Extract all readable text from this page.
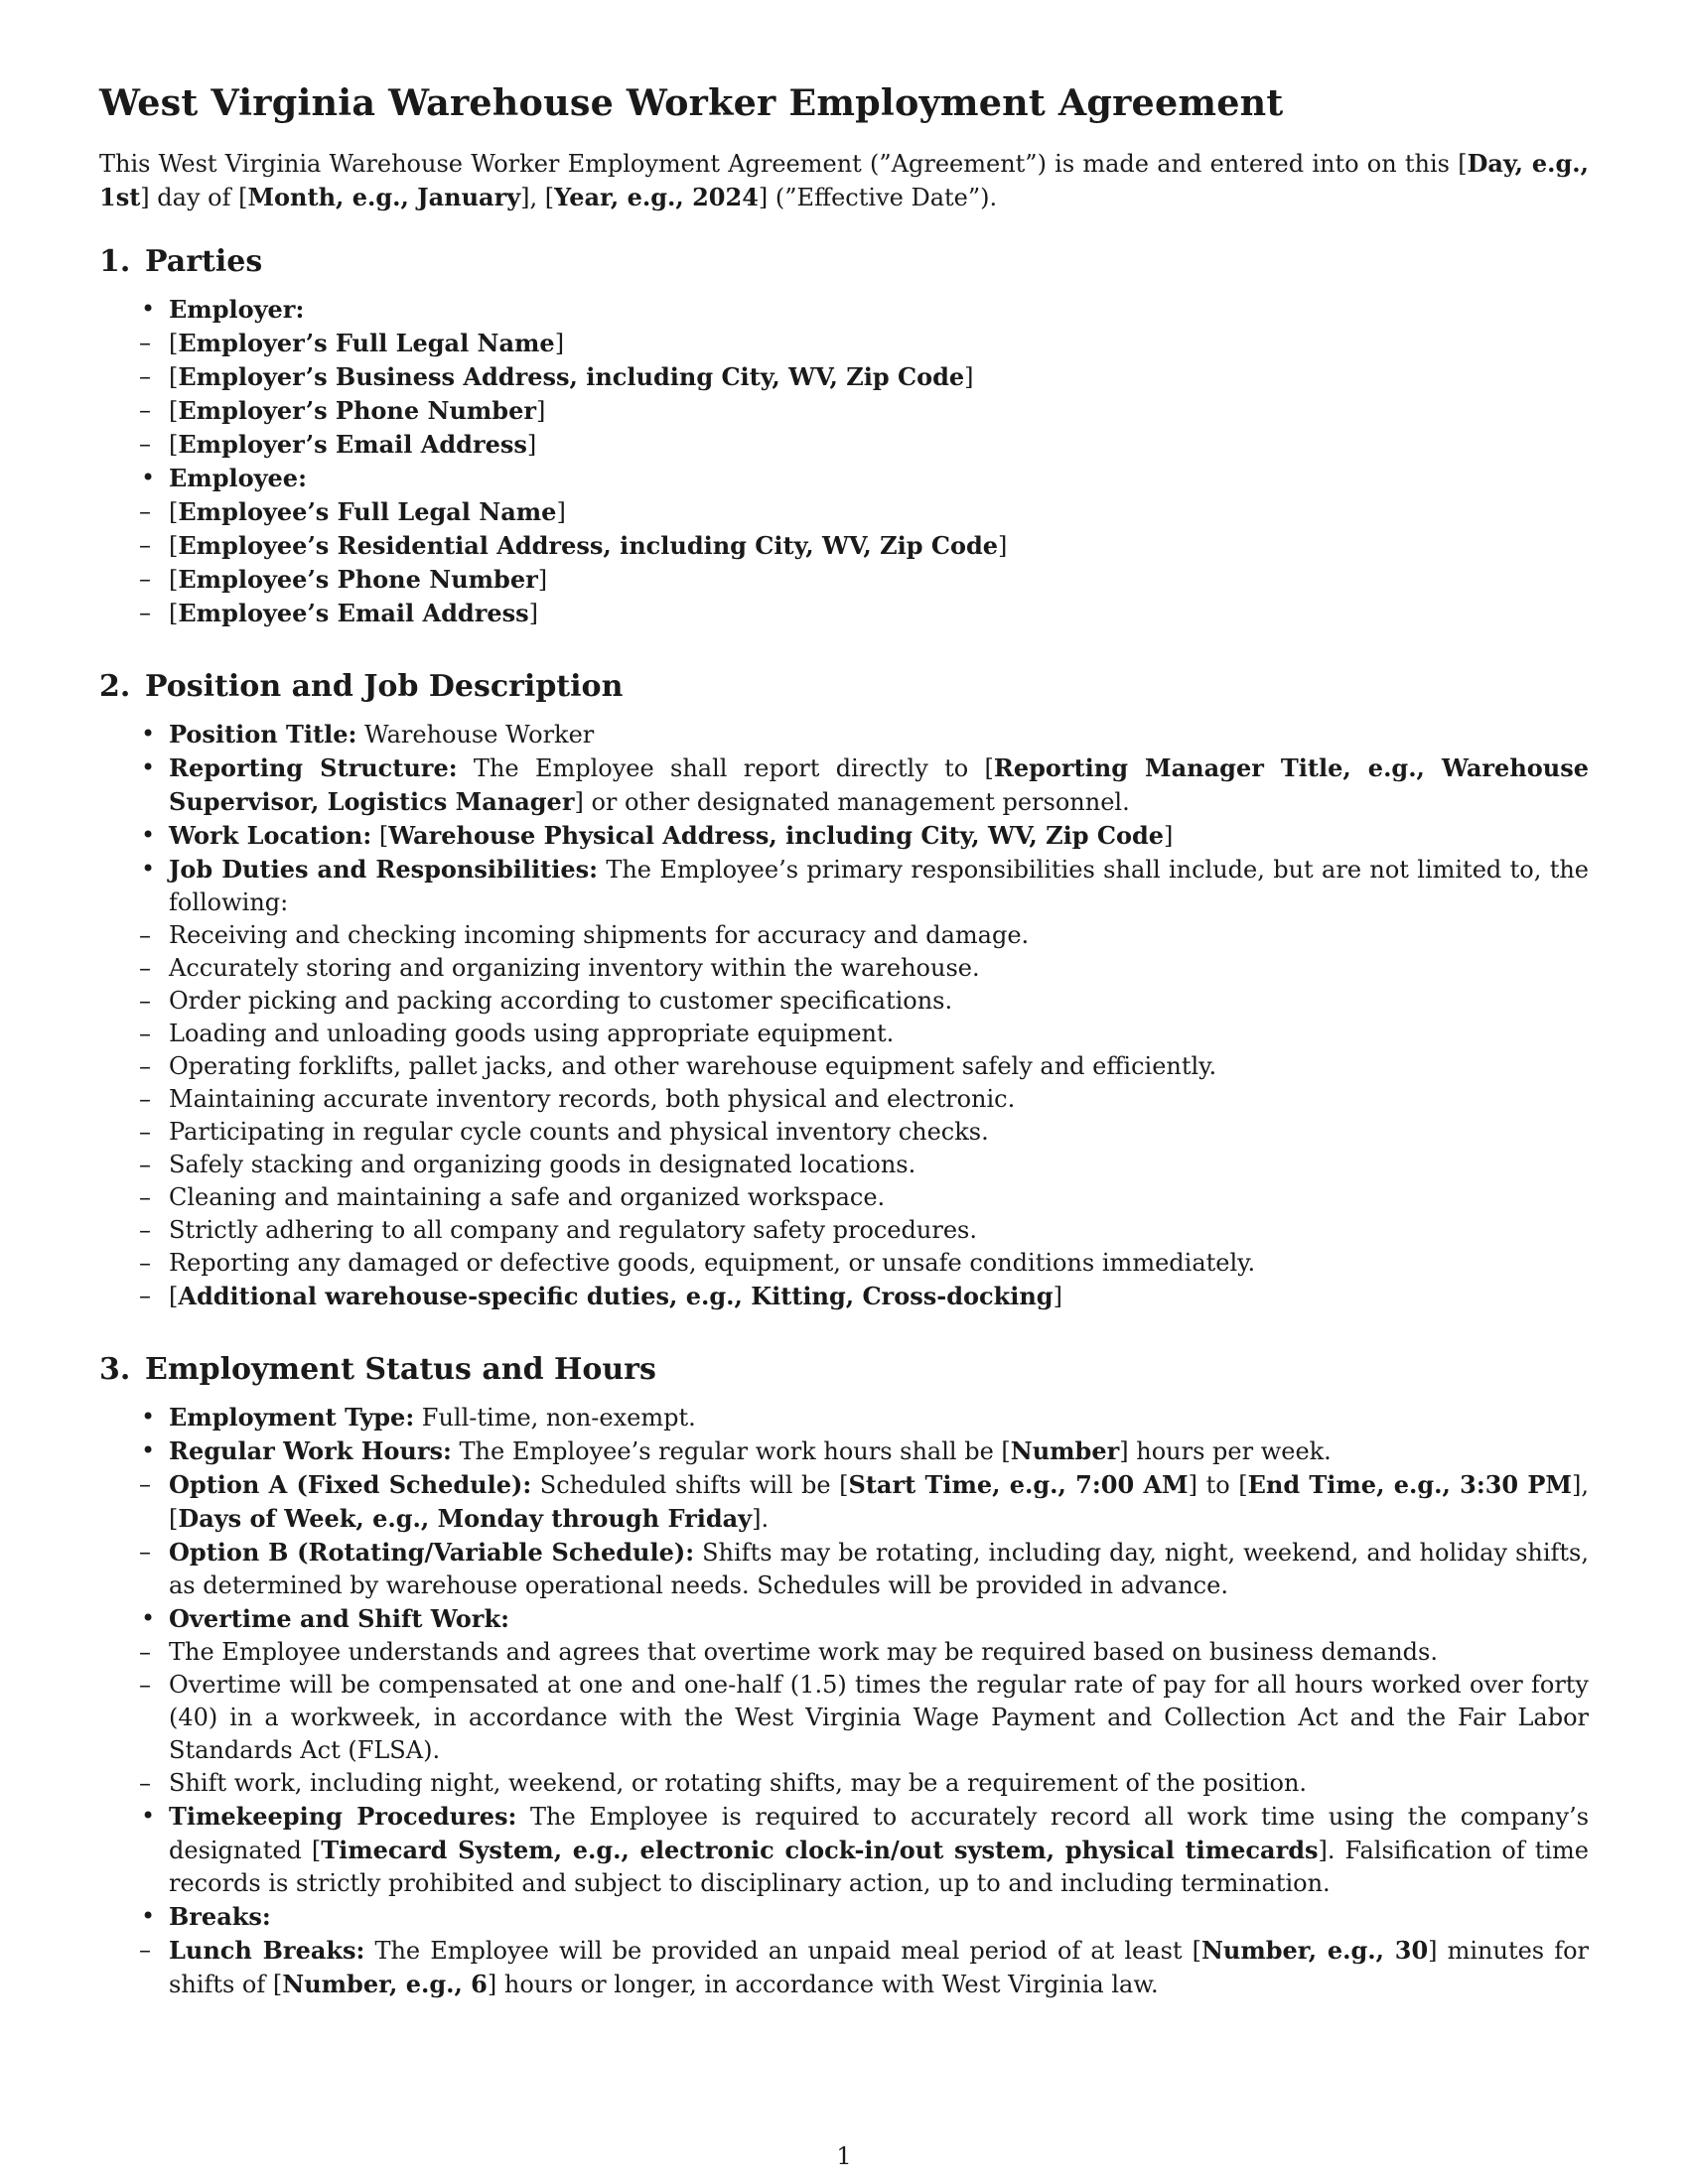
West Virginia Warehouse Worker Employment Agreement

This West Virginia Warehouse Worker Employment Agreement (”Agreement”) is made and entered into on this [Day, e.g., 1st] day of [Month, e.g., January], [Year, e.g., 2024] (”Effective Date”).

1. Parties
• Employer:
– [Employer’s Full Legal Name]
– [Employer’s Business Address, including City, WV, Zip Code]
– [Employer’s Phone Number]
– [Employer’s Email Address]
• Employee:
– [Employee’s Full Legal Name]
– [Employee’s Residential Address, including City, WV, Zip Code]
– [Employee’s Phone Number]
– [Employee’s Email Address]
2. Position and Job Description
• Position Title: Warehouse Worker
• Reporting Structure: The Employee shall report directly to [Reporting Manager Title, e.g., Warehouse Supervisor, Logistics Manager] or other designated management personnel.
• Work Location: [Warehouse Physical Address, including City, WV, Zip Code]
• Job Duties and Responsibilities: The Employee’s primary responsibilities shall include, but are not limited to, the following:
– Receiving and checking incoming shipments for accuracy and damage.
– Accurately storing and organizing inventory within the warehouse.
– Order picking and packing according to customer specifications.
– Loading and unloading goods using appropriate equipment.
– Operating forklifts, pallet jacks, and other warehouse equipment safely and efficiently.
– Maintaining accurate inventory records, both physical and electronic.
– Participating in regular cycle counts and physical inventory checks.
– Safely stacking and organizing goods in designated locations.
– Cleaning and maintaining a safe and organized workspace.
– Strictly adhering to all company and regulatory safety procedures.
– Reporting any damaged or defective goods, equipment, or unsafe conditions immediately.
– [Additional warehouse-specific duties, e.g., Kitting, Cross-docking]
3. Employment Status and Hours
• Employment Type: Full-time, non-exempt.
• Regular Work Hours: The Employee’s regular work hours shall be [Number] hours per week.
– Option A (Fixed Schedule): Scheduled shifts will be [Start Time, e.g., 7:00 AM] to [End Time, e.g., 3:30 PM], [Days of Week, e.g., Monday through Friday].
– Option B (Rotating/Variable Schedule): Shifts may be rotating, including day, night, weekend, and holiday shifts, as determined by warehouse operational needs. Schedules will be provided in advance.
• Overtime and Shift Work:
– The Employee understands and agrees that overtime work may be required based on business demands.
– Overtime will be compensated at one and one-half (1.5) times the regular rate of pay for all hours worked over forty (40) in a workweek, in accordance with the West Virginia Wage Payment and Collection Act and the Fair Labor Standards Act (FLSA).
– Shift work, including night, weekend, or rotating shifts, may be a requirement of the position.
• Timekeeping Procedures: The Employee is required to accurately record all work time using the company’s designated [Timecard System, e.g., electronic clock-in/out system, physical timecards]. Falsification of time records is strictly prohibited and subject to disciplinary action, up to and including termination.
• Breaks:
– Lunch Breaks: The Employee will be provided an unpaid meal period of at least [Number, e.g., 30] minutes for shifts of [Number, e.g., 6] hours or longer, in accordance with West Virginia law.
1
